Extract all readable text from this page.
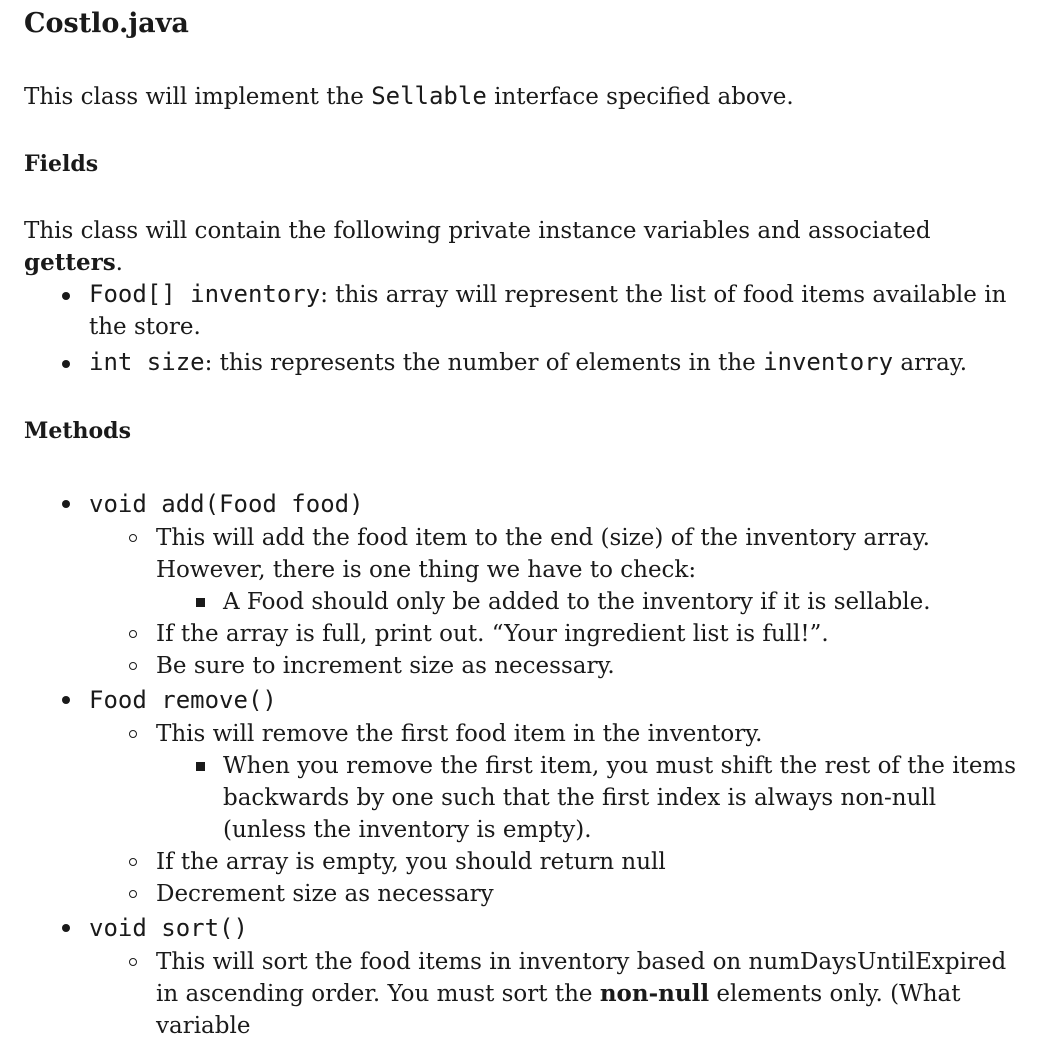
Costlo.java

This class will implement the Sellable interface specified above.

Fields

This class will contain the following private instance variables and associated getters.

Food[] inventory: this array will represent the list of food items available in the store.
int size: this represents the number of elements in the inventory array.
Methods
void add(Food food)
This will add the food item to the end (size) of the inventory array. However, there is one thing we have to check:
A Food should only be added to the inventory if it is sellable.
If the array is full, print out. “Your ingredient list is full!”.
Be sure to increment size as necessary.
Food remove()
This will remove the first food item in the inventory.
When you remove the first item, you must shift the rest of the items backwards by one such that the first index is always non-null (unless the inventory is empty).
If the array is empty, you should return null
Decrement size as necessary
void sort()
This will sort the food items in inventory based on numDaysUntilExpired in ascending order. You must sort the non-null elements only. (What variable
